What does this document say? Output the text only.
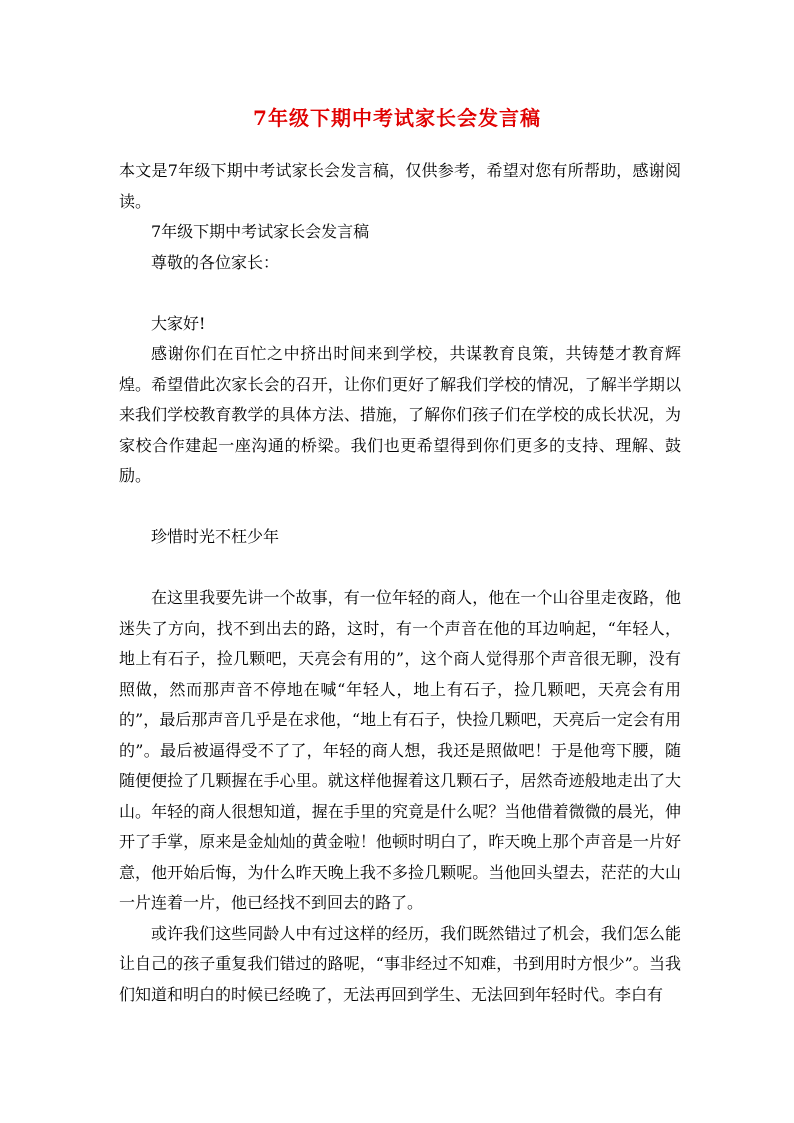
7年级下期中考试家长会发言稿

本文是7年级下期中考试家长会发言稿，仅供参考，希望对您有所帮助，感谢阅读。

7年级下期中考试家长会发言稿

尊敬的各位家长：

大家好!

感谢你们在百忙之中挤出时间来到学校，共谋教育良策，共铸楚才教育辉煌。希望借此次家长会的召开，让你们更好了解我们学校的情况，了解半学期以来我们学校教育教学的具体方法、措施，了解你们孩子们在学校的成长状况，为家校合作建起一座沟通的桥梁。我们也更希望得到你们更多的支持、理解、鼓励。

珍惜时光不枉少年

在这里我要先讲一个故事，有一位年轻的商人，他在一个山谷里走夜路，他迷失了方向，找不到出去的路，这时，有一个声音在他的耳边响起，“年轻人，地上有石子，捡几颗吧，天亮会有用的”，这个商人觉得那个声音很无聊，没有照做，然而那声音不停地在喊“年轻人，地上有石子，捡几颗吧，天亮会有用的”，最后那声音几乎是在求他，“地上有石子，快捡几颗吧，天亮后一定会有用的”。最后被逼得受不了了，年轻的商人想，我还是照做吧！于是他弯下腰，随随便便捡了几颗握在手心里。就这样他握着这几颗石子，居然奇迹般地走出了大山。年轻的商人很想知道，握在手里的究竟是什么呢？当他借着微微的晨光，伸开了手掌，原来是金灿灿的黄金啦！他顿时明白了，昨天晚上那个声音是一片好意，他开始后悔，为什么昨天晚上我不多捡几颗呢。当他回头望去，茫茫的大山一片连着一片，他已经找不到回去的路了。

或许我们这些同龄人中有过这样的经历，我们既然错过了机会，我们怎么能让自己的孩子重复我们错过的路呢，“事非经过不知难，书到用时方恨少”。当我们知道和明白的时候已经晚了，无法再回到学生、无法回到年轻时代。李白有
